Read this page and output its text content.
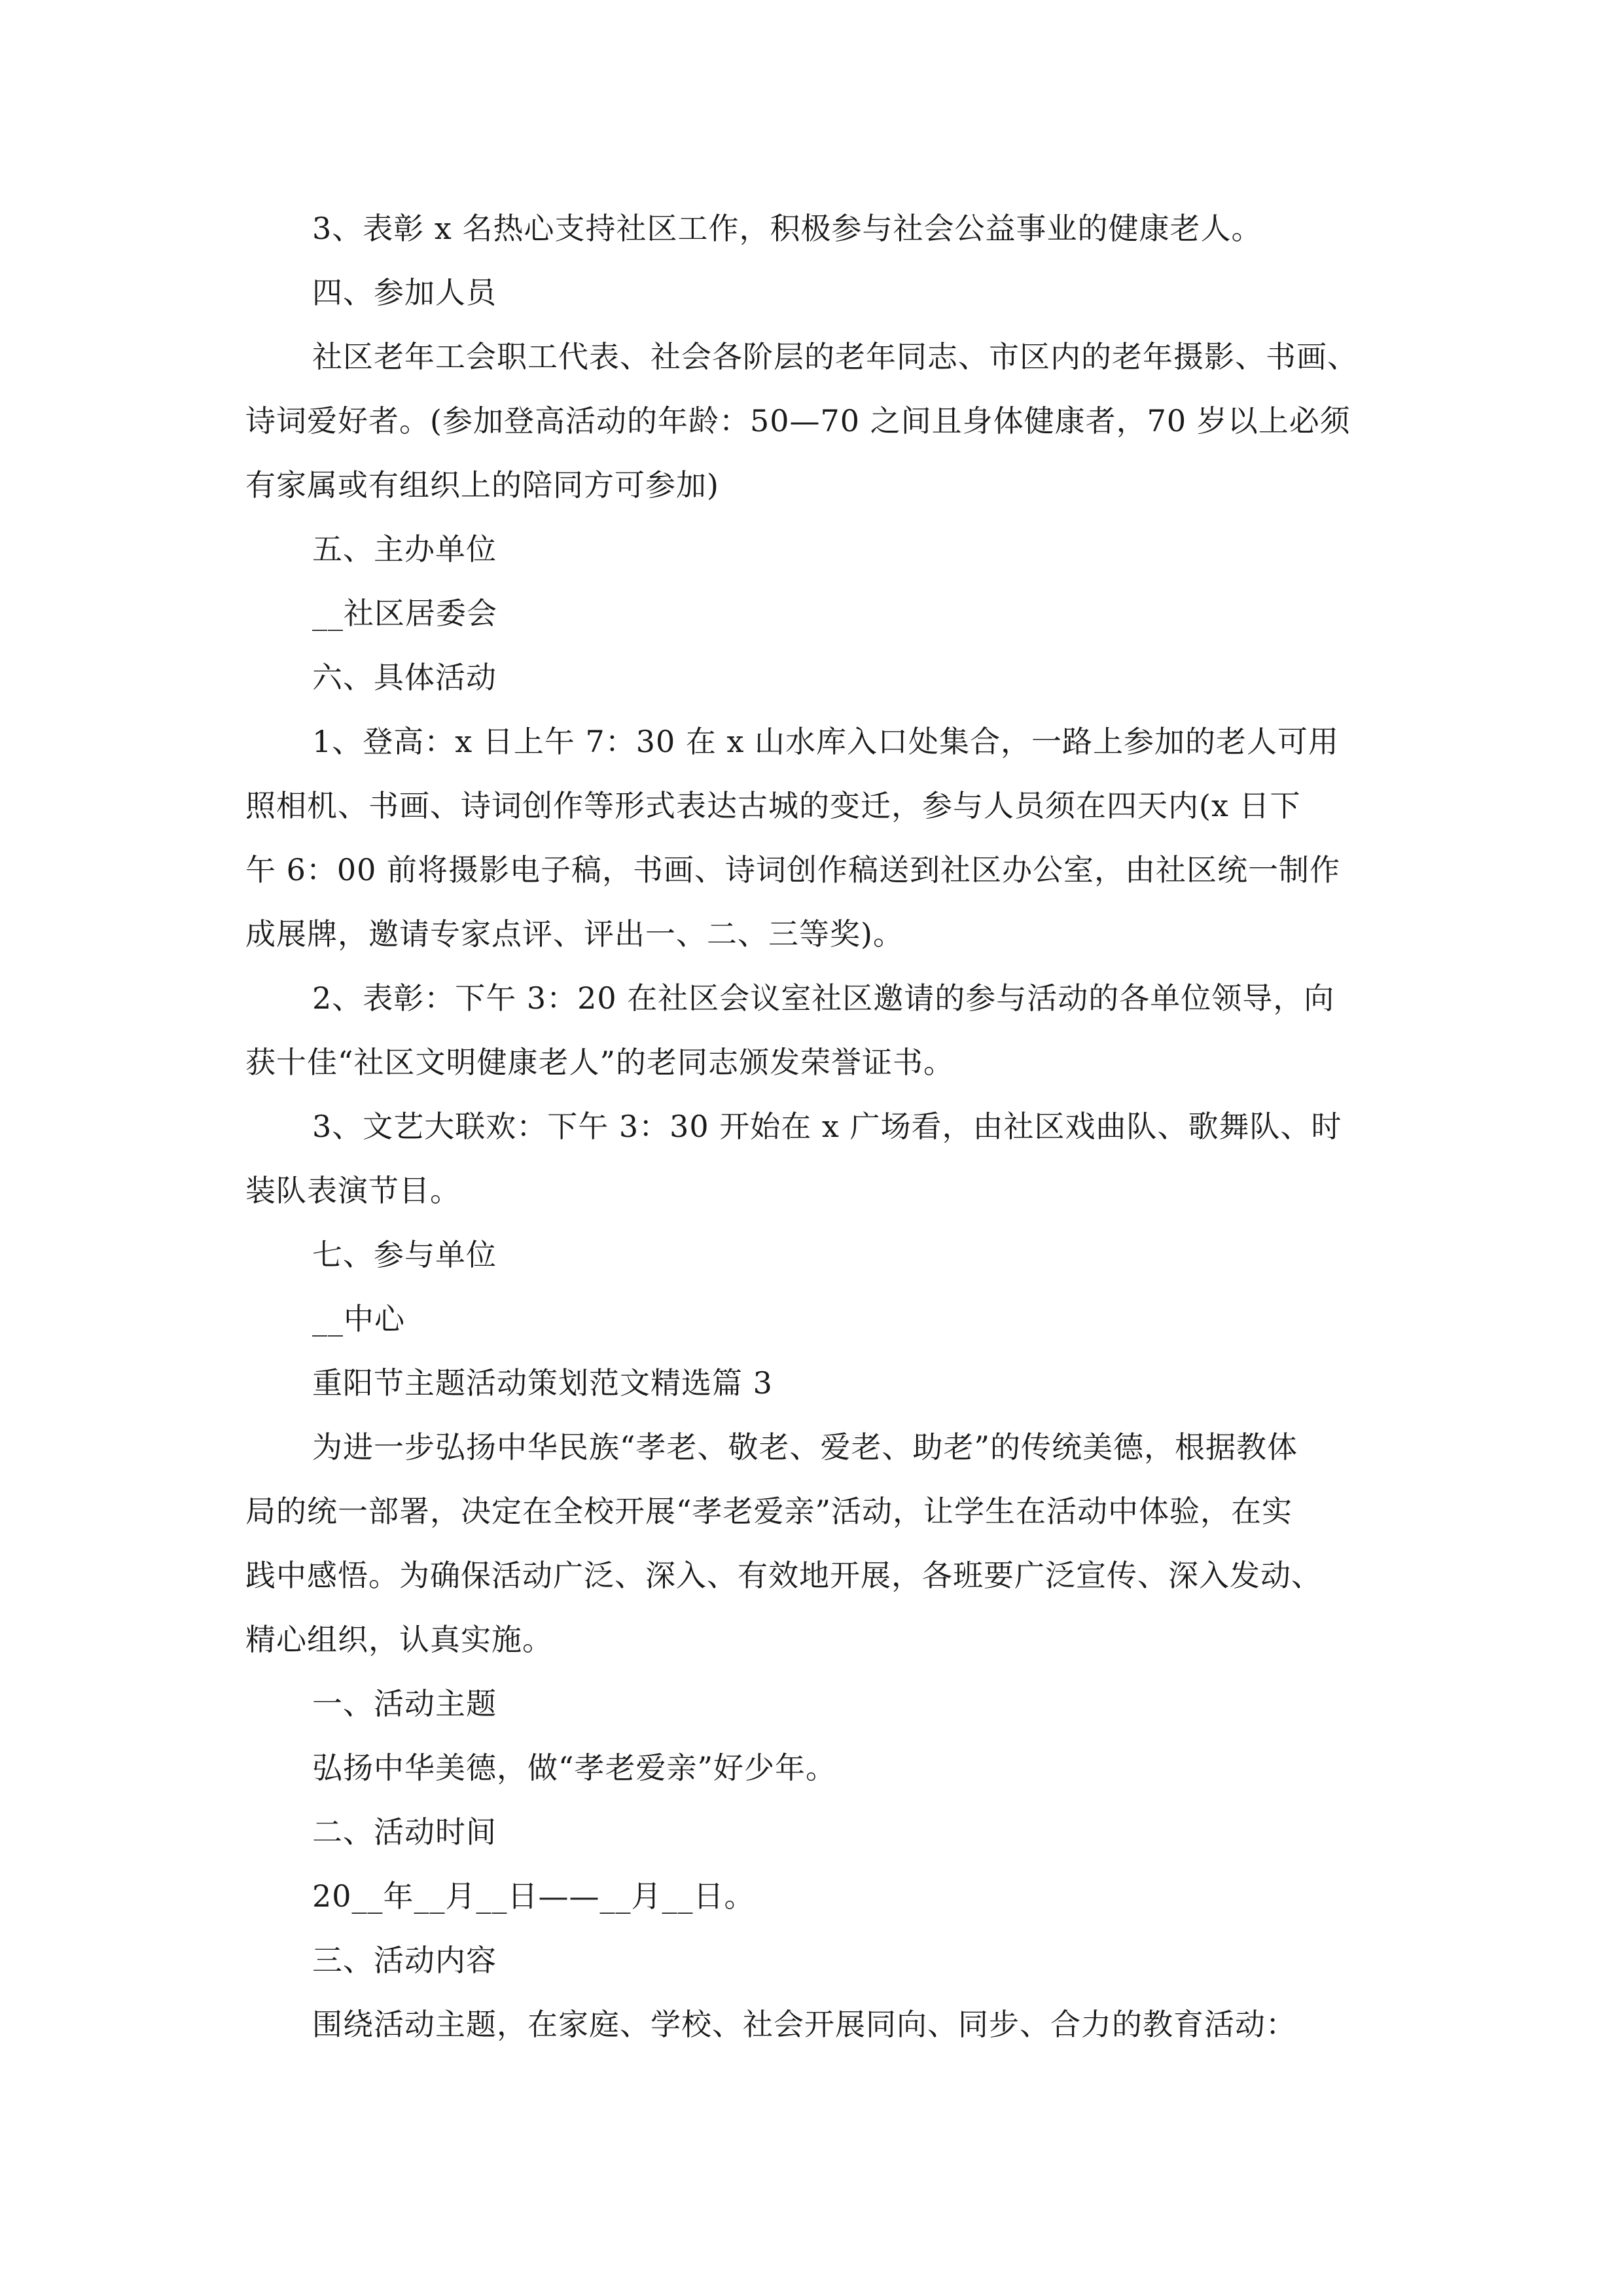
3、表彰 x 名热心支持社区工作，积极参与社会公益事业的健康老人。
四、参加人员
社区老年工会职工代表、社会各阶层的老年同志、市区内的老年摄影、书画、
诗词爱好者。(参加登高活动的年龄：50—70 之间且身体健康者，70 岁以上必须
有家属或有组织上的陪同方可参加)
五、主办单位
__社区居委会
六、具体活动
1、登高：x 日上午 7：30 在 x 山水库入口处集合，一路上参加的老人可用
照相机、书画、诗词创作等形式表达古城的变迁，参与人员须在四天内(x 日下
午 6：00 前将摄影电子稿，书画、诗词创作稿送到社区办公室，由社区统一制作
成展牌，邀请专家点评、评出一、二、三等奖)。
2、表彰：下午 3：20 在社区会议室社区邀请的参与活动的各单位领导，向
获十佳“社区文明健康老人”的老同志颁发荣誉证书。
3、文艺大联欢：下午 3：30 开始在 x 广场看，由社区戏曲队、歌舞队、时
装队表演节目。
七、参与单位
__中心
重阳节主题活动策划范文精选篇 3
为进一步弘扬中华民族“孝老、敬老、爱老、助老”的传统美德，根据教体
局的统一部署，决定在全校开展“孝老爱亲”活动，让学生在活动中体验，在实
践中感悟。为确保活动广泛、深入、有效地开展，各班要广泛宣传、深入发动、
精心组织，认真实施。
一、活动主题
弘扬中华美德，做“孝老爱亲”好少年。
二、活动时间
20__年__月__日——__月__日。
三、活动内容
围绕活动主题，在家庭、学校、社会开展同向、同步、合力的教育活动：
